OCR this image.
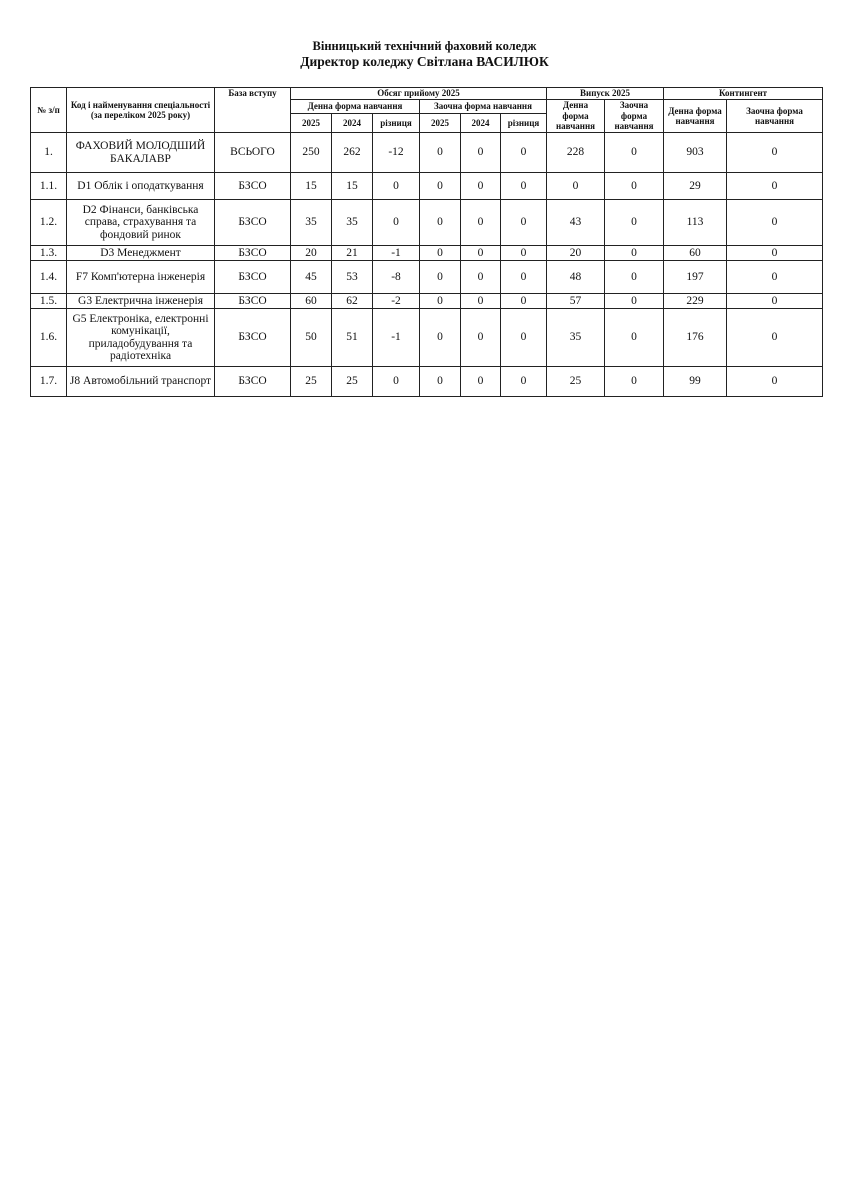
Вінницький технічний фаховий коледж
Директор коледжу Світлана ВАСИЛЮК
№ з/п	Код і найменування спеціальності (за переліком 2025 року)	База вступу	Обсяг прийому 2025						Випуск 2025		Контингент	
			Денна форма навчання			Заочна форма навчання			Денна форма навчання	Заочна форма навчання	Денна форма навчання	Заочна форма навчання
			2025	2024	різниця	2025	2024	різниця				
1.	ФАХОВИЙ МОЛОДШИЙ БАКАЛАВР	ВСЬОГО	250	262	-12	0	0	0	228	0	903	0
1.1.	D1 Облік і оподаткування	БЗСО	15	15	0	0	0	0	0	0	29	0
1.2.	D2 Фінанси, банківська справа, страхування та фондовий ринок	БЗСО	35	35	0	0	0	0	43	0	113	0
1.3.	D3 Менеджмент	БЗСО	20	21	-1	0	0	0	20	0	60	0
1.4.	F7 Комп'ютерна інженерія	БЗСО	45	53	-8	0	0	0	48	0	197	0
1.5.	G3 Електрична інженерія	БЗСО	60	62	-2	0	0	0	57	0	229	0
1.6.	G5 Електроніка, електронні комунікації, приладобудування та радіотехніка	БЗСО	50	51	-1	0	0	0	35	0	176	0
1.7.	J8 Автомобільний транспорт	БЗСО	25	25	0	0	0	0	25	0	99	0
